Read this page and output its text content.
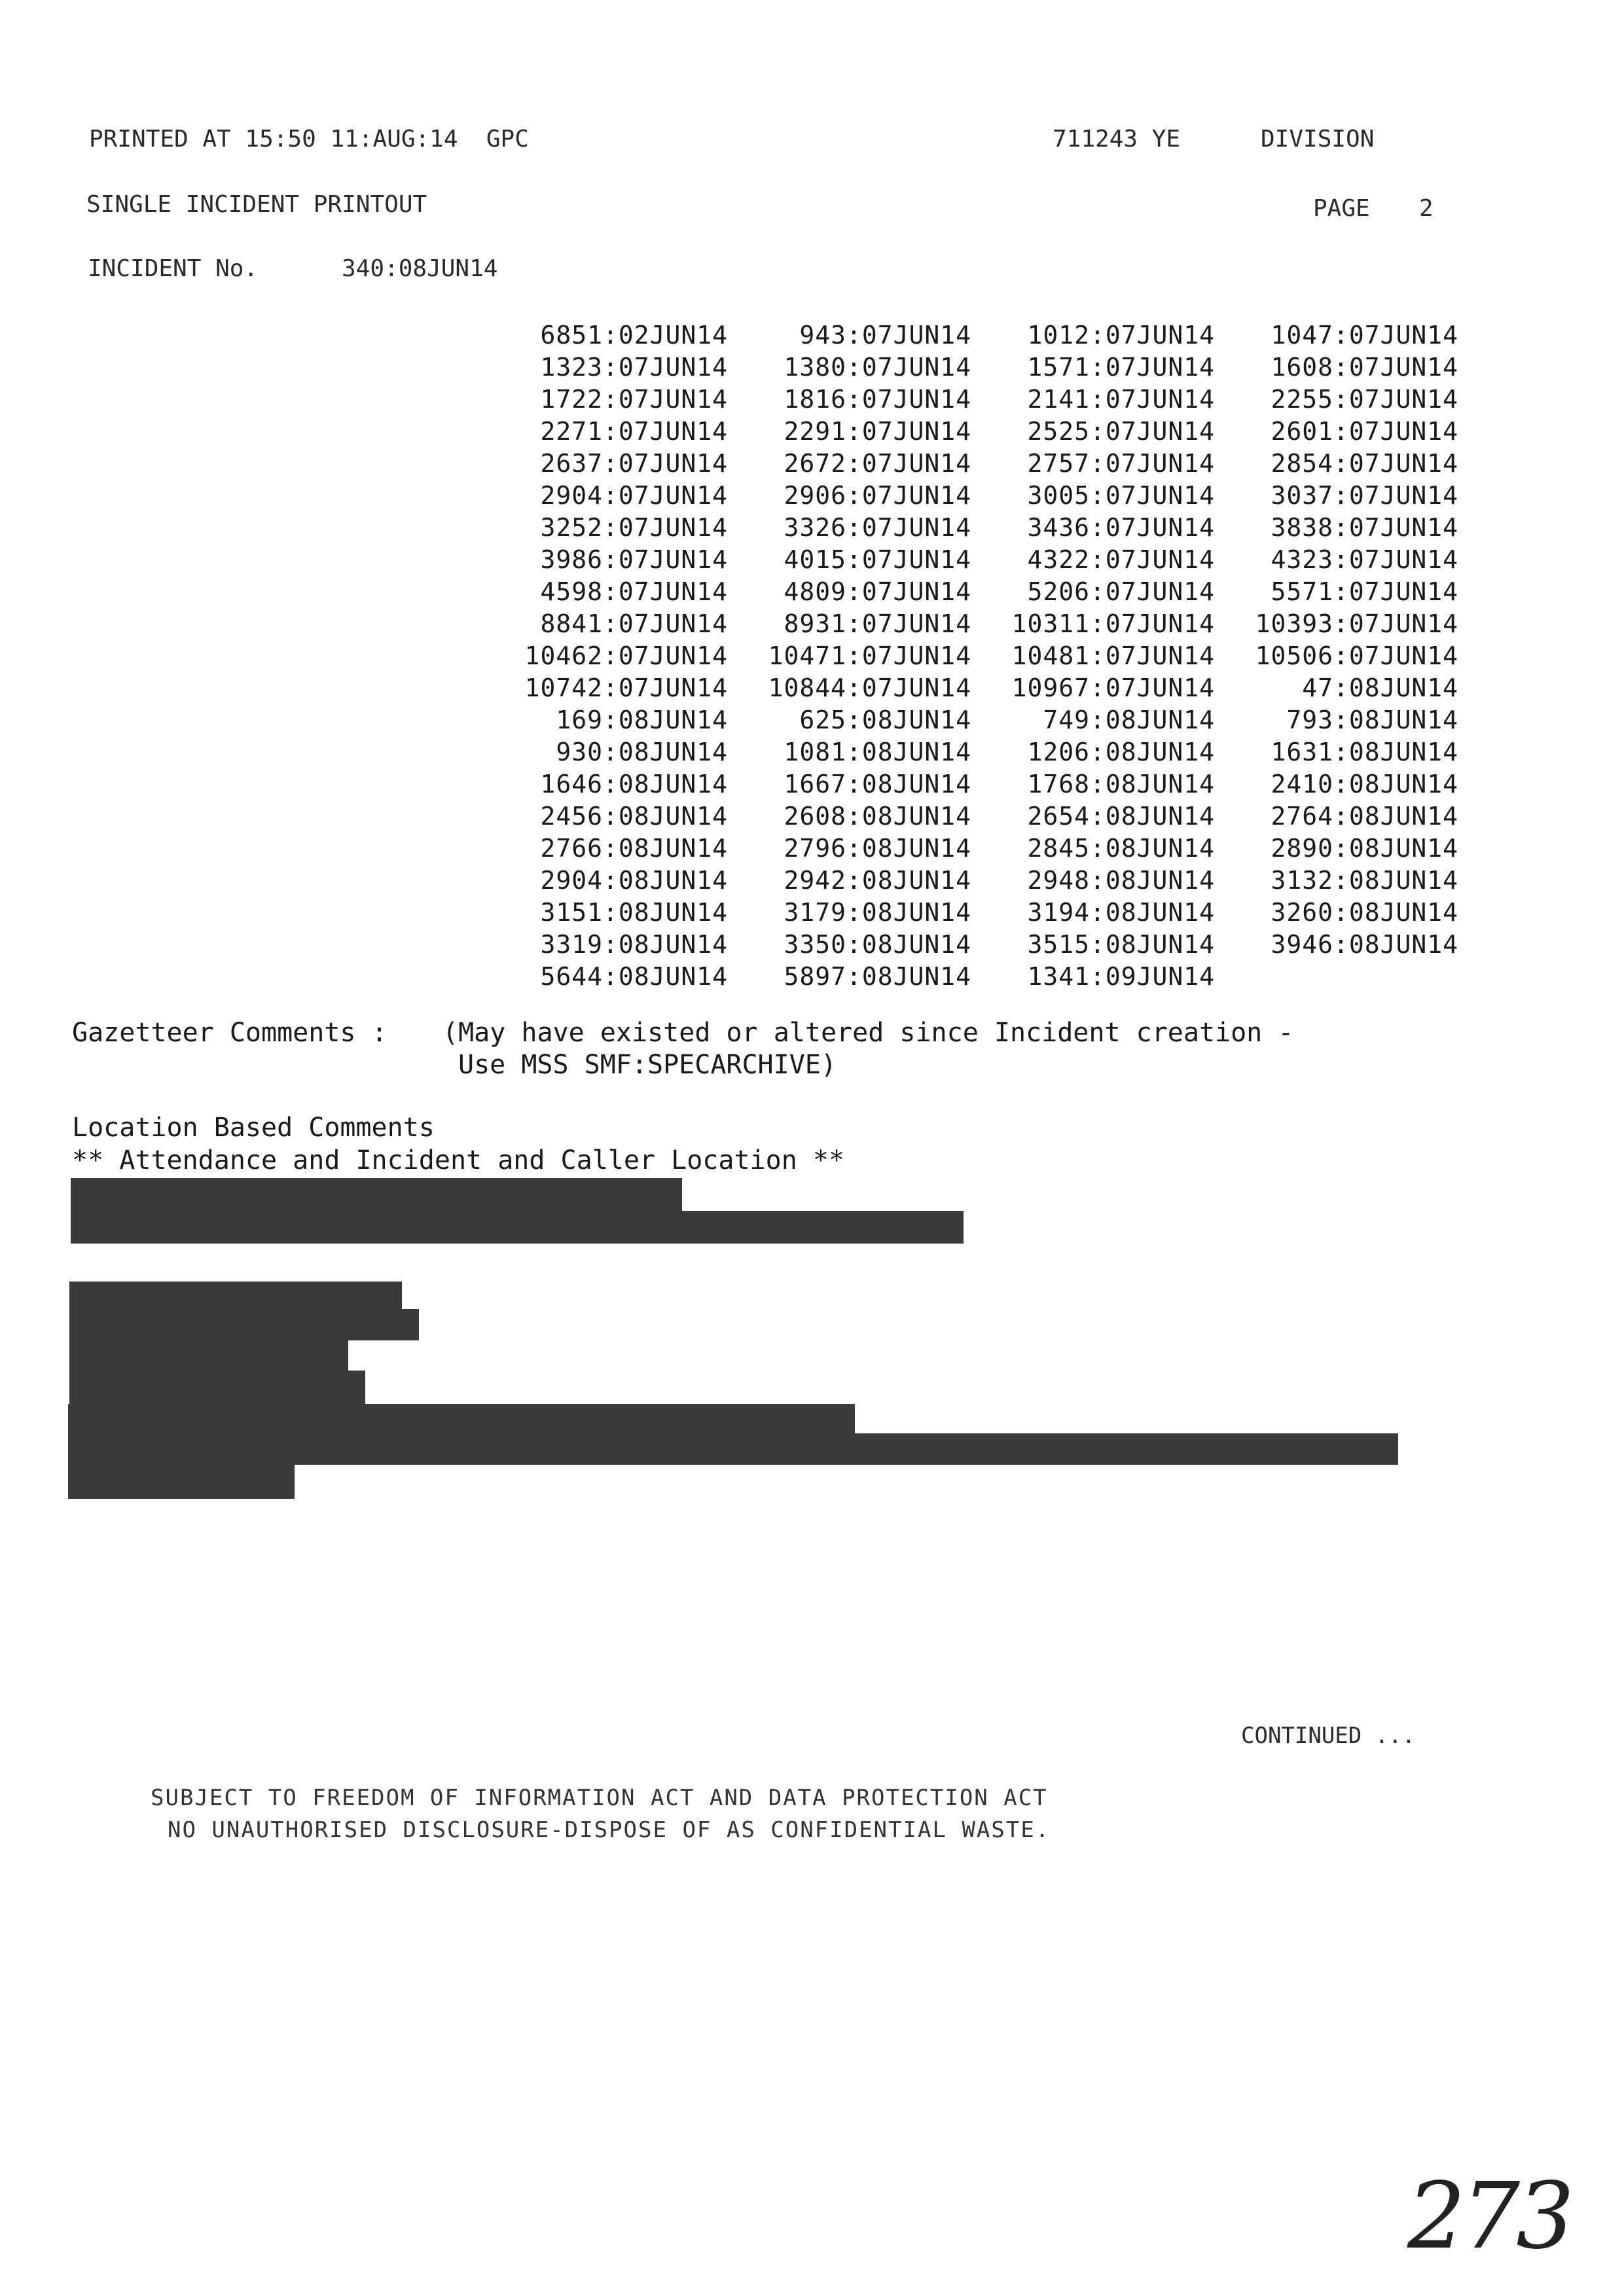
PRINTED AT 15:50 11:AUG:14  GPC	711243 YE	DIVISION
SINGLE INCIDENT PRINTOUT	PAGE 2
INCIDENT No.	340:08JUN14
6851:02JUN14	943:07JUN14	1012:07JUN14	1047:07JUN14
1323:07JUN14	1380:07JUN14	1571:07JUN14	1608:07JUN14
1722:07JUN14	1816:07JUN14	2141:07JUN14	2255:07JUN14
2271:07JUN14	2291:07JUN14	2525:07JUN14	2601:07JUN14
2637:07JUN14	2672:07JUN14	2757:07JUN14	2854:07JUN14
2904:07JUN14	2906:07JUN14	3005:07JUN14	3037:07JUN14
3252:07JUN14	3326:07JUN14	3436:07JUN14	3838:07JUN14
3986:07JUN14	4015:07JUN14	4322:07JUN14	4323:07JUN14
4598:07JUN14	4809:07JUN14	5206:07JUN14	5571:07JUN14
8841:07JUN14	8931:07JUN14	10311:07JUN14	10393:07JUN14
10462:07JUN14	10471:07JUN14	10481:07JUN14	10506:07JUN14
10742:07JUN14	10844:07JUN14	10967:07JUN14	47:08JUN14
169:08JUN14	625:08JUN14	749:08JUN14	793:08JUN14
930:08JUN14	1081:08JUN14	1206:08JUN14	1631:08JUN14
1646:08JUN14	1667:08JUN14	1768:08JUN14	2410:08JUN14
2456:08JUN14	2608:08JUN14	2654:08JUN14	2764:08JUN14
2766:08JUN14	2796:08JUN14	2845:08JUN14	2890:08JUN14
2904:08JUN14	2942:08JUN14	2948:08JUN14	3132:08JUN14
3151:08JUN14	3179:08JUN14	3194:08JUN14	3260:08JUN14
3319:08JUN14	3350:08JUN14	3515:08JUN14	3946:08JUN14
5644:08JUN14	5897:08JUN14	1341:09JUN14
Gazetteer Comments : (May have existed or altered since Incident creation -
Use MSS SMF:SPECARCHIVE)
Location Based Comments
** Attendance and Incident and Caller Location **
CONTINUED ...
SUBJECT TO FREEDOM OF INFORMATION ACT AND DATA PROTECTION ACT
NO UNAUTHORISED DISCLOSURE-DISPOSE OF AS CONFIDENTIAL WASTE.
273
